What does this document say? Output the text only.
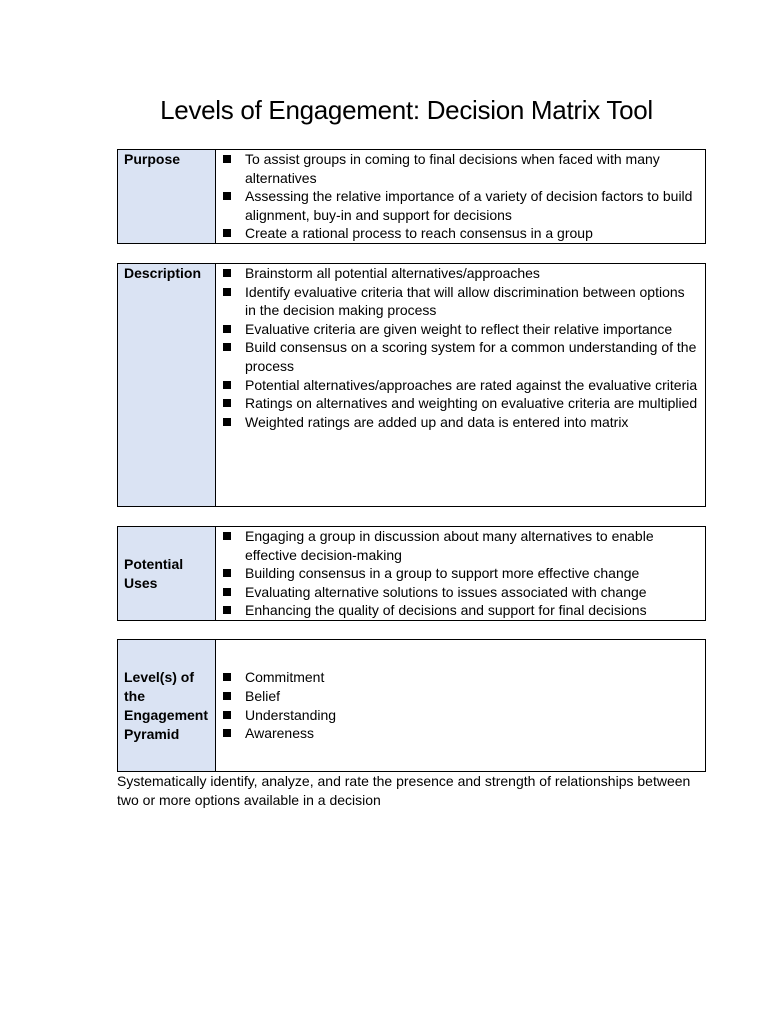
Levels of Engagement: Decision Matrix Tool
Purpose	To assist groups in coming to final decisions when faced with many alternatives
Assessing the relative importance of a variety of decision factors to build alignment, buy-in and support for decisions
Create a rational process to reach consensus in a group
Description	Brainstorm all potential alternatives/approaches
Identify evaluative criteria that will allow discrimination between options in the decision making process
Evaluative criteria are given weight to reflect their relative importance
Build consensus on a scoring system for a common understanding of the process
Potential alternatives/approaches are rated against the evaluative criteria
Ratings on alternatives and weighting on evaluative criteria are multiplied
Weighted ratings are added up and data is entered into matrix
Potential Uses
Engaging a group in discussion about many alternatives to enable effective decision-making
Building consensus in a group to support more effective change
Evaluating alternative solutions to issues associated with change
Enhancing the quality of decisions and support for final decisions
Level(s) of the Engagement Pyramid
Commitment
Belief
Understanding
Awareness
Systematically identify, analyze, and rate the presence and strength of relationships between two or more options available in a decision
